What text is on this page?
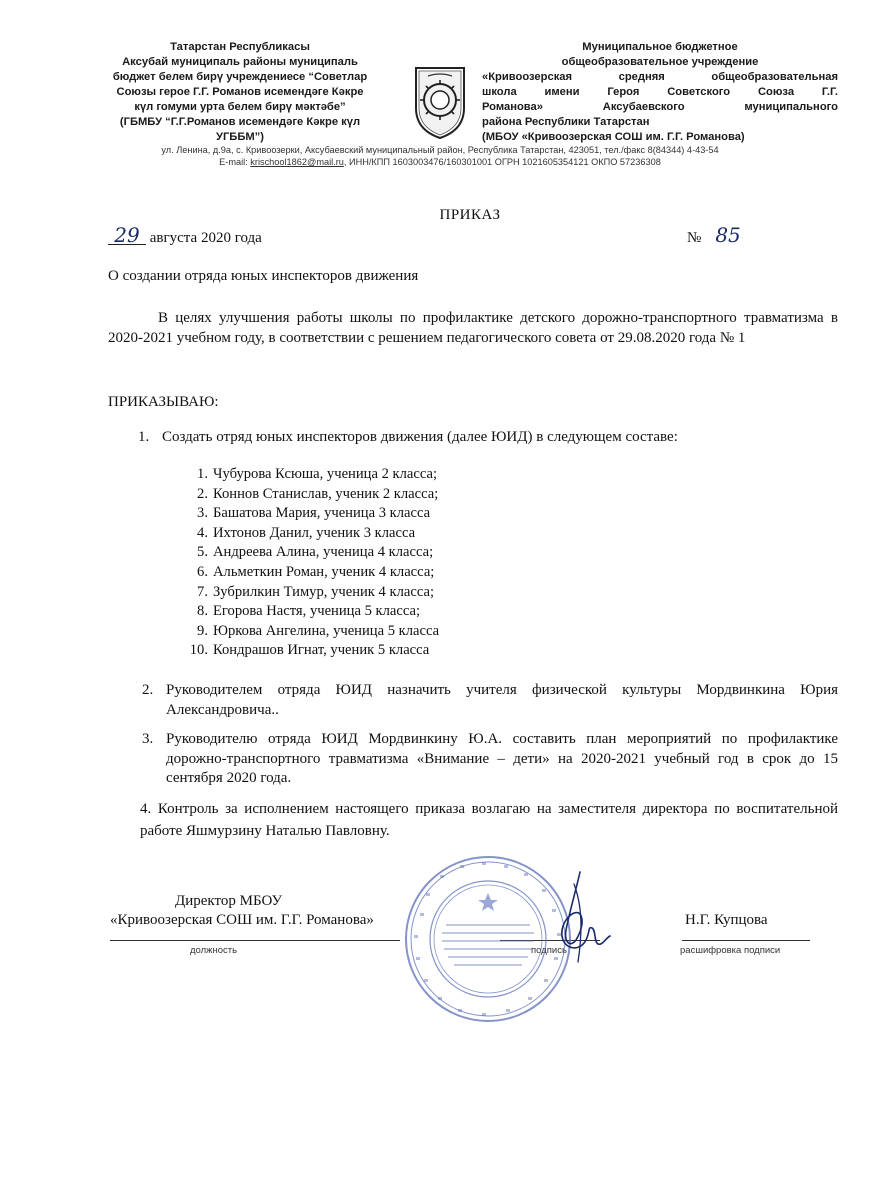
Татарстан Республикасы
Аксубай муниципаль районы муниципаль
бюджет белем бирү учреждениесе “Советлар
Союзы герое Г.Г. Романов исемендәге Кәкре
күл гомуми урта белем бирү мәктәбе”
(ГБМБУ “Г.Г.Романов исемендәге Кәкре күл
УГББМ”)
Муниципальное бюджетное
общеобразовательное учреждение
«Кривоозерская средняя общеобразовательная
школа имени Героя Советского Союза Г.Г.
Романова» Аксубаевского муниципального
района Республики Татарстан
(МБОУ «Кривоозерская СОШ им. Г.Г. Романова)
ул. Ленина, д.9а, с. Кривоозерки, Аксубаевский муниципальный район, Республика Татарстан, 423051, тел./факс 8(84344) 4-43-54
E-mail: krischool1862@mail.ru, ИНН/КПП 1603003476/160301001 ОГРН 1021605354121 ОКПО 57236308
ПРИКАЗ
29 августа 2020 года	№ 85
О создании отряда юных инспекторов движения
В целях улучшения работы школы по профилактике детского дорожно-транспортного травматизма в 2020-2021 учебном году, в соответствии с решением педагогического совета от 29.08.2020 года № 1
ПРИКАЗЫВАЮ:
1. Создать отряд юных инспекторов движения (далее ЮИД) в следующем составе:
1. Чубурова Ксюша, ученица 2 класса;
2. Коннов Станислав, ученик 2 класса;
3. Башатова Мария, ученица 3 класса
4. Ихтонов Данил, ученик 3 класса
5. Андреева Алина, ученица 4 класса;
6. Альметкин Роман, ученик 4 класса;
7. Зубрилкин Тимур, ученик 4 класса;
8. Егорова Настя, ученица 5 класса;
9. Юркова Ангелина, ученица 5 класса
10. Кондрашов Игнат, ученик 5 класса
2. Руководителем отряда ЮИД назначить учителя физической культуры Мордвинкина Юрия Александровича..
3. Руководителю отряда ЮИД Мордвинкину Ю.А. составить план мероприятий по профилактике дорожно-транспортного травматизма «Внимание – дети» на 2020-2021 учебный год в срок до 15 сентября 2020 года.
4. Контроль за исполнением настоящего приказа возлагаю на заместителя директора по воспитательной работе Яшмурзину Наталью Павловну.
Директор МБОУ
«Кривоозерская СОШ им. Г.Г. Романова»	Н.Г. Купцова
должность	подпись	расшифровка подписи
